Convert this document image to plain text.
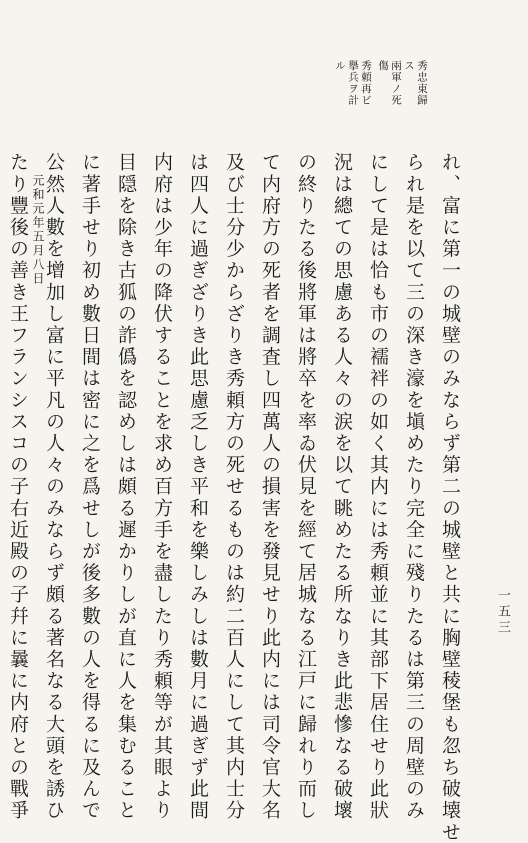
秀忠東歸
ス
兩軍ノ死
傷
秀頼再ビ
擧兵ヲ計
ル
れ、富に第一の城壁のみならず第二の城壁と共に胸壁稜堡も忽ち破壊せ
られ是を以て三の深き濠を塡めたり完全に殘りたるは第三の周壁のみ
にして是は恰も市の襦袢の如く其内には秀頼並に其部下居住せり此狀
況は總ての思慮ある人々の涙を以て眺めたる所なりき此悲慘なる破壞
の終りたる後將軍は將卒を率ゐ伏見を經て居城なる江戸に歸れり而し
て内府方の死者を調査し四萬人の損害を發見せり此内には司令官大名
及び士分少からざりき秀頼方の死せるものは約二百人にして其内士分
は四人に過ぎざりき此思慮乏しき平和を樂しみしは數月に過ぎず此間
内府は少年の降伏することを求め百方手を盡したり秀頼等が其眼より
目隠を除き古狐の詐僞を認めしは頗る遲かりしが直に人を集むること
に著手せり初め數日間は密に之を爲せしが後多數の人を得るに及んで
公然人數を增加し富に平凡の人々のみならず頗る著名なる大頭を誘ひ
たり豐後の善き王フランシスコの子右近殿の子幷に曩に内府との戰爭	一五三
元和元年五月八日
